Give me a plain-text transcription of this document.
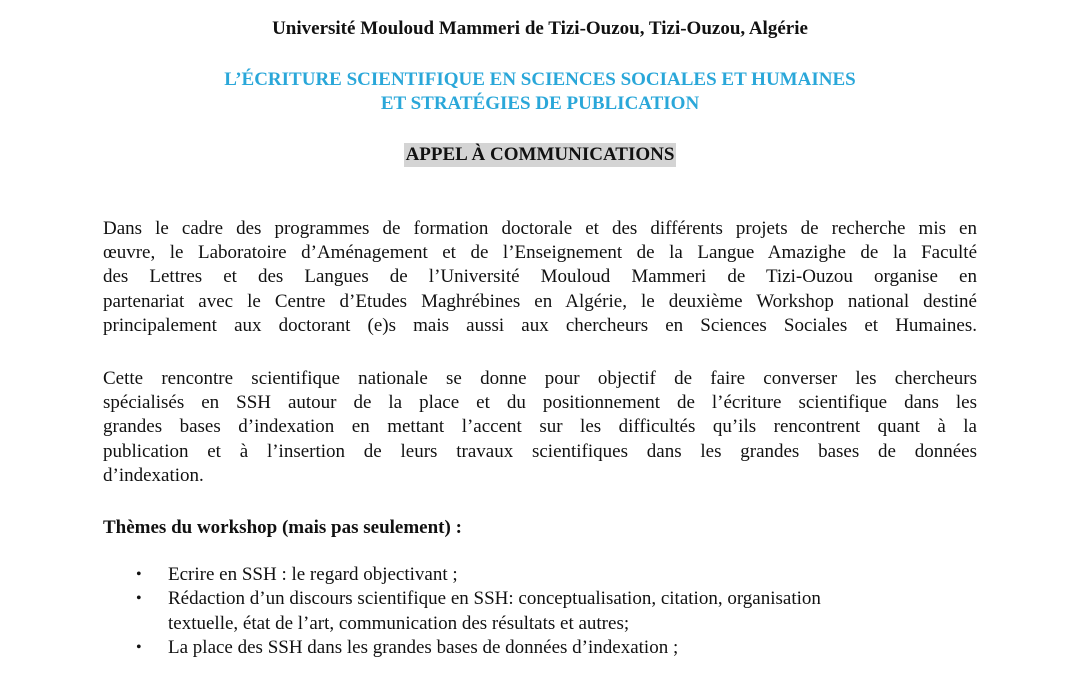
Université Mouloud Mammeri de Tizi-Ouzou, Tizi-Ouzou, Algérie
L’ÉCRITURE SCIENTIFIQUE EN SCIENCES SOCIALES ET HUMAINES
ET STRATÉGIES DE PUBLICATION
APPEL À COMMUNICATIONS
Dans le cadre des programmes de formation doctorale et des différents projets de recherche mis en
œuvre, le Laboratoire d’Aménagement et de l’Enseignement de la Langue Amazighe de la Faculté
des Lettres et des Langues de l’Université Mouloud Mammeri de Tizi-Ouzou organise en
partenariat avec le Centre d’Etudes Maghrébines en Algérie, le deuxième Workshop national destiné
principalement aux doctorant (e)s mais aussi aux chercheurs en Sciences Sociales et Humaines.
Cette rencontre scientifique nationale se donne pour objectif de faire converser les chercheurs
spécialisés en SSH autour de la place et du positionnement de l’écriture scientifique dans les
grandes bases d’indexation en mettant l’accent sur les difficultés qu’ils rencontrent quant à la
publication et à l’insertion de leurs travaux scientifiques dans les grandes bases de données
d’indexation.
Thèmes du workshop (mais pas seulement) :
• Ecrire en SSH : le regard objectivant ;
• Rédaction d’un discours scientifique en SSH: conceptualisation, citation, organisation
textuelle, état de l’art, communication des résultats et autres;
• La place des SSH dans les grandes bases de données d’indexation ;
